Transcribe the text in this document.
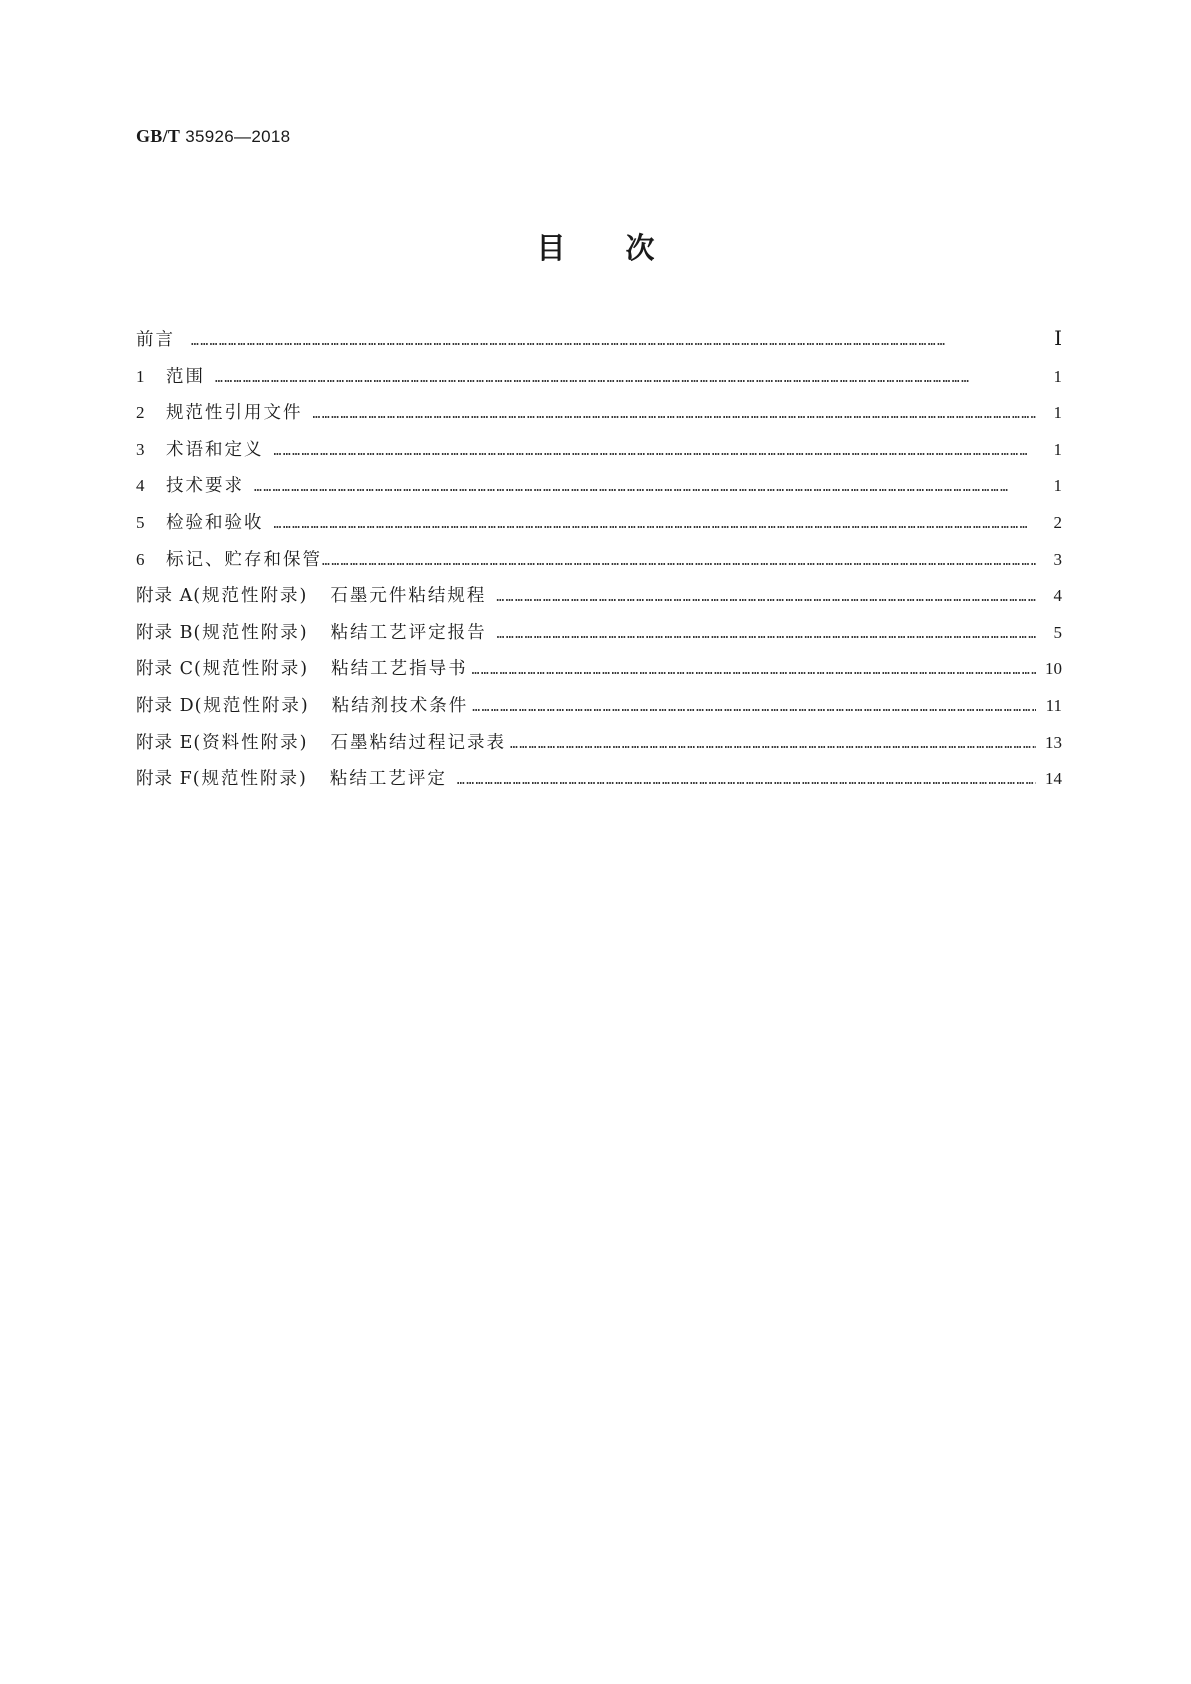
GB/T 35926—2018
目 次
前言 ………………………………………………………………………………………………………………………………………………………………………………………………………………………	Ⅰ
1	范围 ………………………………………………………………………………………………………………………………………………………………………………………………………………………	1
2	规范性引用文件 ………………………………………………………………………………………………………………………………………………………………………………………………………………………	1
3	术语和定义 ………………………………………………………………………………………………………………………………………………………………………………………………………………………	1
4	技术要求 ………………………………………………………………………………………………………………………………………………………………………………………………………………………	1
5	检验和验收 ………………………………………………………………………………………………………………………………………………………………………………………………………………………	2
6	标记、贮存和保管 ………………………………………………………………………………………………………………………………………………………………………………………………………………………	3
附录 A (规范性附录) 石墨元件粘结规程 ………………………………………………………………………………………………………………………………………………………………………………………………………………………	4
附录 B (规范性附录) 粘结工艺评定报告 ………………………………………………………………………………………………………………………………………………………………………………………………………………………	5
附录 C (规范性附录) 粘结工艺指导书 ………………………………………………………………………………………………………………………………………………………………………………………………………………………	10
附录 D (规范性附录) 粘结剂技术条件 ………………………………………………………………………………………………………………………………………………………………………………………………………………………	11
附录 E (资料性附录) 石墨粘结过程记录表 ………………………………………………………………………………………………………………………………………………………………………………………………………………………	13
附录 F (规范性附录) 粘结工艺评定 ………………………………………………………………………………………………………………………………………………………………………………………………………………………	14
